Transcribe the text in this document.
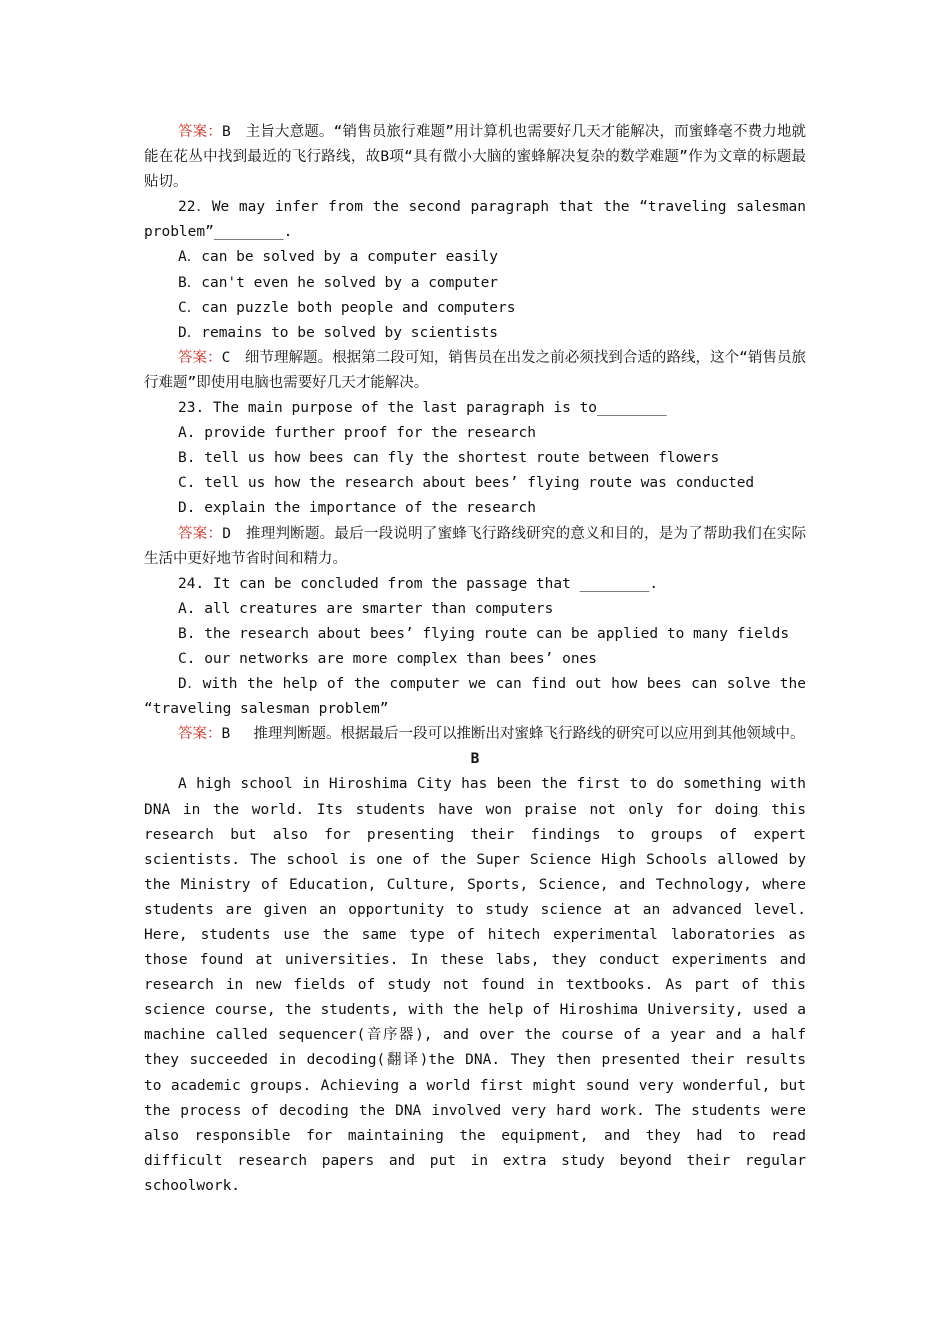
答案：B　主旨大意题。“销售员旅行难题”用计算机也需要好几天才能解决，而蜜蜂毫不费力地就能在花丛中找到最近的飞行路线，故B项“具有微小大脑的蜜蜂解决复杂的数学难题”作为文章的标题最贴切。

22．We may infer from the second paragraph that the “traveling salesman problem”________.

A．can be solved by a computer easily

B．can't even he solved by a computer

C．can puzzle both people and computers

D．remains to be solved by scientists

答案：C　细节理解题。根据第二段可知，销售员在出发之前必须找到合适的路线，这个“销售员旅行难题”即使用电脑也需要好几天才能解决。

23. The main purpose of the last paragraph is to________

A. provide further proof for the research

B. tell us how bees can fly the shortest route between flowers

C. tell us how the research about bees’ flying route was conducted

D. explain the importance of the research

答案：D　推理判断题。最后一段说明了蜜蜂飞行路线研究的意义和目的，是为了帮助我们在实际生活中更好地节省时间和精力。

24. It can be concluded from the passage that ________.

A. all creatures are smarter than computers

B. the research about bees’ flying route can be applied to many fields

C. our networks are more complex than bees’ ones

D．with the help of the computer we can find out how bees can solve the “traveling salesman problem”

答案：B　 推理判断题。根据最后一段可以推断出对蜜蜂飞行路线的研究可以应用到其他领域中。

B

A high school in Hiroshima City has been the first to do something with DNA in the world. Its students have won praise not only for doing this research but also for presenting their findings to groups of expert scientists. The school is one of the Super Science High Schools allowed by the Ministry of Education, Culture, Sports, Science, and Technology, where students are given an opportunity to study science at an advanced level. Here, students use the same type of hitech experimental laboratories as those found at universities. In these labs, they conduct experiments and research in new fields of study not found in textbooks. As part of this science course, the students, with the help of Hiroshima University, used a machine called sequencer(音序器), and over the course of a year and a half they succeeded in decoding(翻译)the DNA. They then presented their results to academic groups. Achieving a world first might sound very wonderful, but the process of decoding the DNA involved very hard work. The students were also responsible for maintaining the equipment, and they had to read difficult research papers and put in extra study beyond their regular schoolwork.
